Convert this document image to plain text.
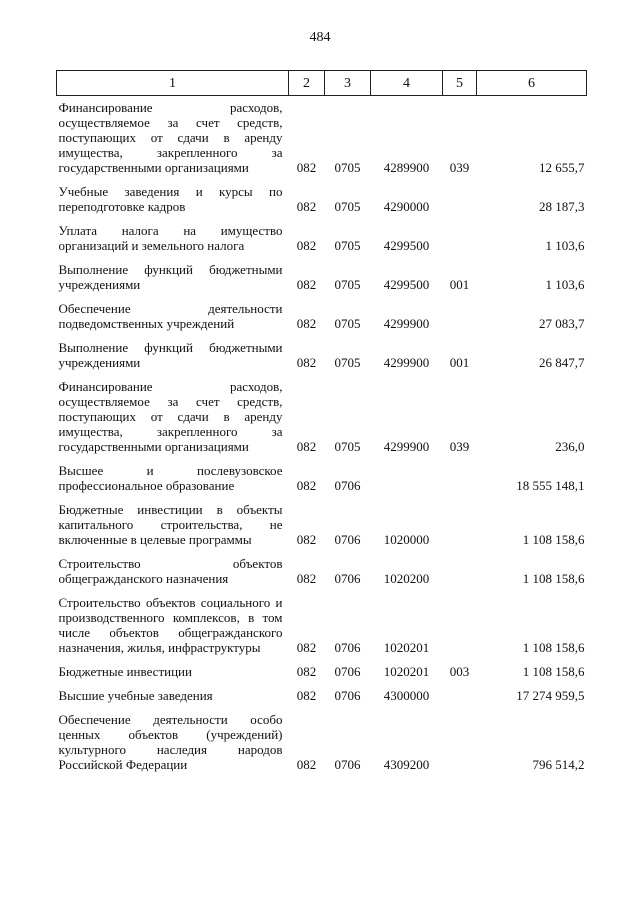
484
1	2	3	4	5	6
Финансирование расходов, осуществляемое за счет средств, поступающих от сдачи в аренду имущества, закрепленного за государственными организациями	082	0705	4289900	039	12 655,7
Учебные заведения и курсы по переподготовке кадров	082	0705	4290000		28 187,3
Уплата налога на имущество организаций и земельного налога	082	0705	4299500		1 103,6
Выполнение функций бюджетными учреждениями	082	0705	4299500	001	1 103,6
Обеспечение деятельности подведомственных учреждений	082	0705	4299900		27 083,7
Выполнение функций бюджетными учреждениями	082	0705	4299900	001	26 847,7
Финансирование расходов, осуществляемое за счет средств, поступающих от сдачи в аренду имущества, закрепленного за государственными организациями	082	0705	4299900	039	236,0
Высшее и послевузовское профессиональное образование	082	0706			18 555 148,1
Бюджетные инвестиции в объекты капитального строительства, не включенные в целевые программы	082	0706	1020000		1 108 158,6
Строительство объектов общегражданского назначения	082	0706	1020200		1 108 158,6
Строительство объектов социального и производственного комплексов, в том числе объектов общегражданского назначения, жилья, инфраструктуры	082	0706	1020201		1 108 158,6
Бюджетные инвестиции	082	0706	1020201	003	1 108 158,6
Высшие учебные заведения	082	0706	4300000		17 274 959,5
Обеспечение деятельности особо ценных объектов (учреждений) культурного наследия народов Российской Федерации	082	0706	4309200		796 514,2
